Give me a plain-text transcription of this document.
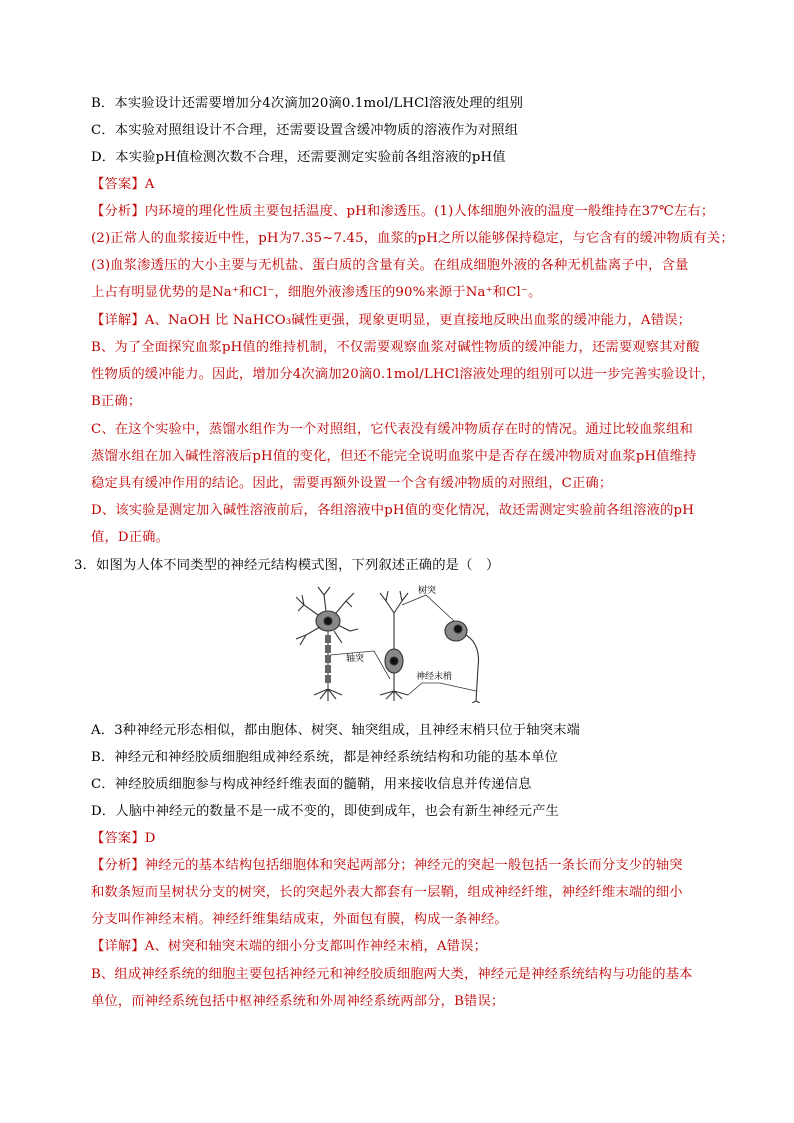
B．本实验设计还需要增加分4次滴加20滴0.1mol/LHCl溶液处理的组别
C．本实验对照组设计不合理，还需要设置含缓冲物质的溶液作为对照组
D．本实验pH值检测次数不合理，还需要测定实验前各组溶液的pH值
【答案】A
【分析】内环境的理化性质主要包括温度、pH和渗透压。(1)人体细胞外液的温度一般维持在37℃左右；
(2)正常人的血浆接近中性，pH为7.35~7.45，血浆的pH之所以能够保持稳定，与它含有的缓冲物质有关；
(3)血浆渗透压的大小主要与无机盐、蛋白质的含量有关。在组成细胞外液的各种无机盐离子中，含量
上占有明显优势的是Na⁺和Cl⁻，细胞外液渗透压的90%来源于Na⁺和Cl⁻。
【详解】A、NaOH 比 NaHCO₃碱性更强，现象更明显，更直接地反映出血浆的缓冲能力，A错误；
B、为了全面探究血浆pH值的维持机制，不仅需要观察血浆对碱性物质的缓冲能力，还需要观察其对酸
性物质的缓冲能力。因此，增加分4次滴加20滴0.1mol/LHCl溶液处理的组别可以进一步完善实验设计，
B正确；
C、在这个实验中，蒸馏水组作为一个对照组，它代表没有缓冲物质存在时的情况。通过比较血浆组和
蒸馏水组在加入碱性溶液后pH值的变化，但还不能完全说明血浆中是否存在缓冲物质对血浆pH值维持
稳定具有缓冲作用的结论。因此，需要再额外设置一个含有缓冲物质的对照组，C正确；
D、该实验是测定加入碱性溶液前后，各组溶液中pH值的变化情况，故还需测定实验前各组溶液的pH
值，D正确。
3．如图为人体不同类型的神经元结构模式图，下列叙述正确的是（　）
树突
轴突
神经末梢
A．3种神经元形态相似，都由胞体、树突、轴突组成，且神经末梢只位于轴突末端
B．神经元和神经胶质细胞组成神经系统，都是神经系统结构和功能的基本单位
C．神经胶质细胞参与构成神经纤维表面的髓鞘，用来接收信息并传递信息
D．人脑中神经元的数量不是一成不变的，即使到成年，也会有新生神经元产生
【答案】D
【分析】神经元的基本结构包括细胞体和突起两部分；神经元的突起一般包括一条长而分支少的轴突
和数条短而呈树状分支的树突，长的突起外表大都套有一层鞘，组成神经纤维，神经纤维末端的细小
分支叫作神经末梢。神经纤维集结成束，外面包有膜，构成一条神经。
【详解】A、树突和轴突末端的细小分支都叫作神经末梢，A错误；
B、组成神经系统的细胞主要包括神经元和神经胶质细胞两大类，神经元是神经系统结构与功能的基本
单位，而神经系统包括中枢神经系统和外周神经系统两部分，B错误；
